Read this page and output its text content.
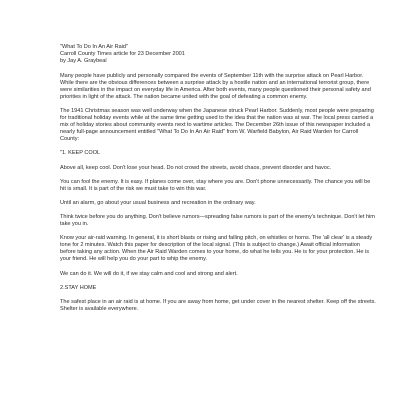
"What To Do In An Air Raid"
Carroll County Times article for 23 December 2001
by Jay A. Graybeal
Many people have publicly and personally compared the events of September 11th with the surprise attack on Pearl Harbor. While there are the obvious differences between a surprise attack by a hostile nation and an international terrorist group, there were similarities in the impact on everyday life in America. After both events, many people questioned their personal safety and priorities in light of the attack. The nation became united with the goal of defeating a common enemy.
The 1941 Christmas season was well underway when the Japanese struck Pearl Harbor. Suddenly, most people were preparing for traditional holiday events while at the same time getting used to the idea that the nation was at war. The local press carried a mix of holiday stories about community events next to wartime articles. The December 26th issue of this newspaper included a nearly full-page announcement entitled "What To Do In An Air Raid" from W. Warfield Babylon, Air Raid Warden for Carroll County:
"1. KEEP COOL
Above all, keep cool. Don't lose your head. Do not crowd the streets, avoid chaos, prevent disorder and havoc.
You can fool the enemy. It is easy. If planes come over, stay where you are. Don't phone unnecessarily. The chance you will be hit is small. It is part of the risk we must take to win this war.
Until an alarm, go about your usual business and recreation in the ordinary way.
Think twice before you do anything. Don't believe rumors—spreading false rumors is part of the enemy's technique. Don't let him take you in.
Know your air-raid warning. In general, it is short blasts or rising and falling pitch, on whistles or horns. The 'all clear' is a steady tone for 2 minutes. Watch this paper for description of the local signal. (This is subject to change.) Await official information before taking any action. When the Air Raid Warden comes to your home, do what he tells you. He is for your protection. He is your friend. He will help you do your part to whip the enemy.
We can do it. We will do it, if we stay calm and cool and strong and alert.
2.STAY HOME
The safest place in an air raid is at home. If you are away from home, get under cover in the nearest shelter. Keep off the streets. Shelter is available everywhere.
